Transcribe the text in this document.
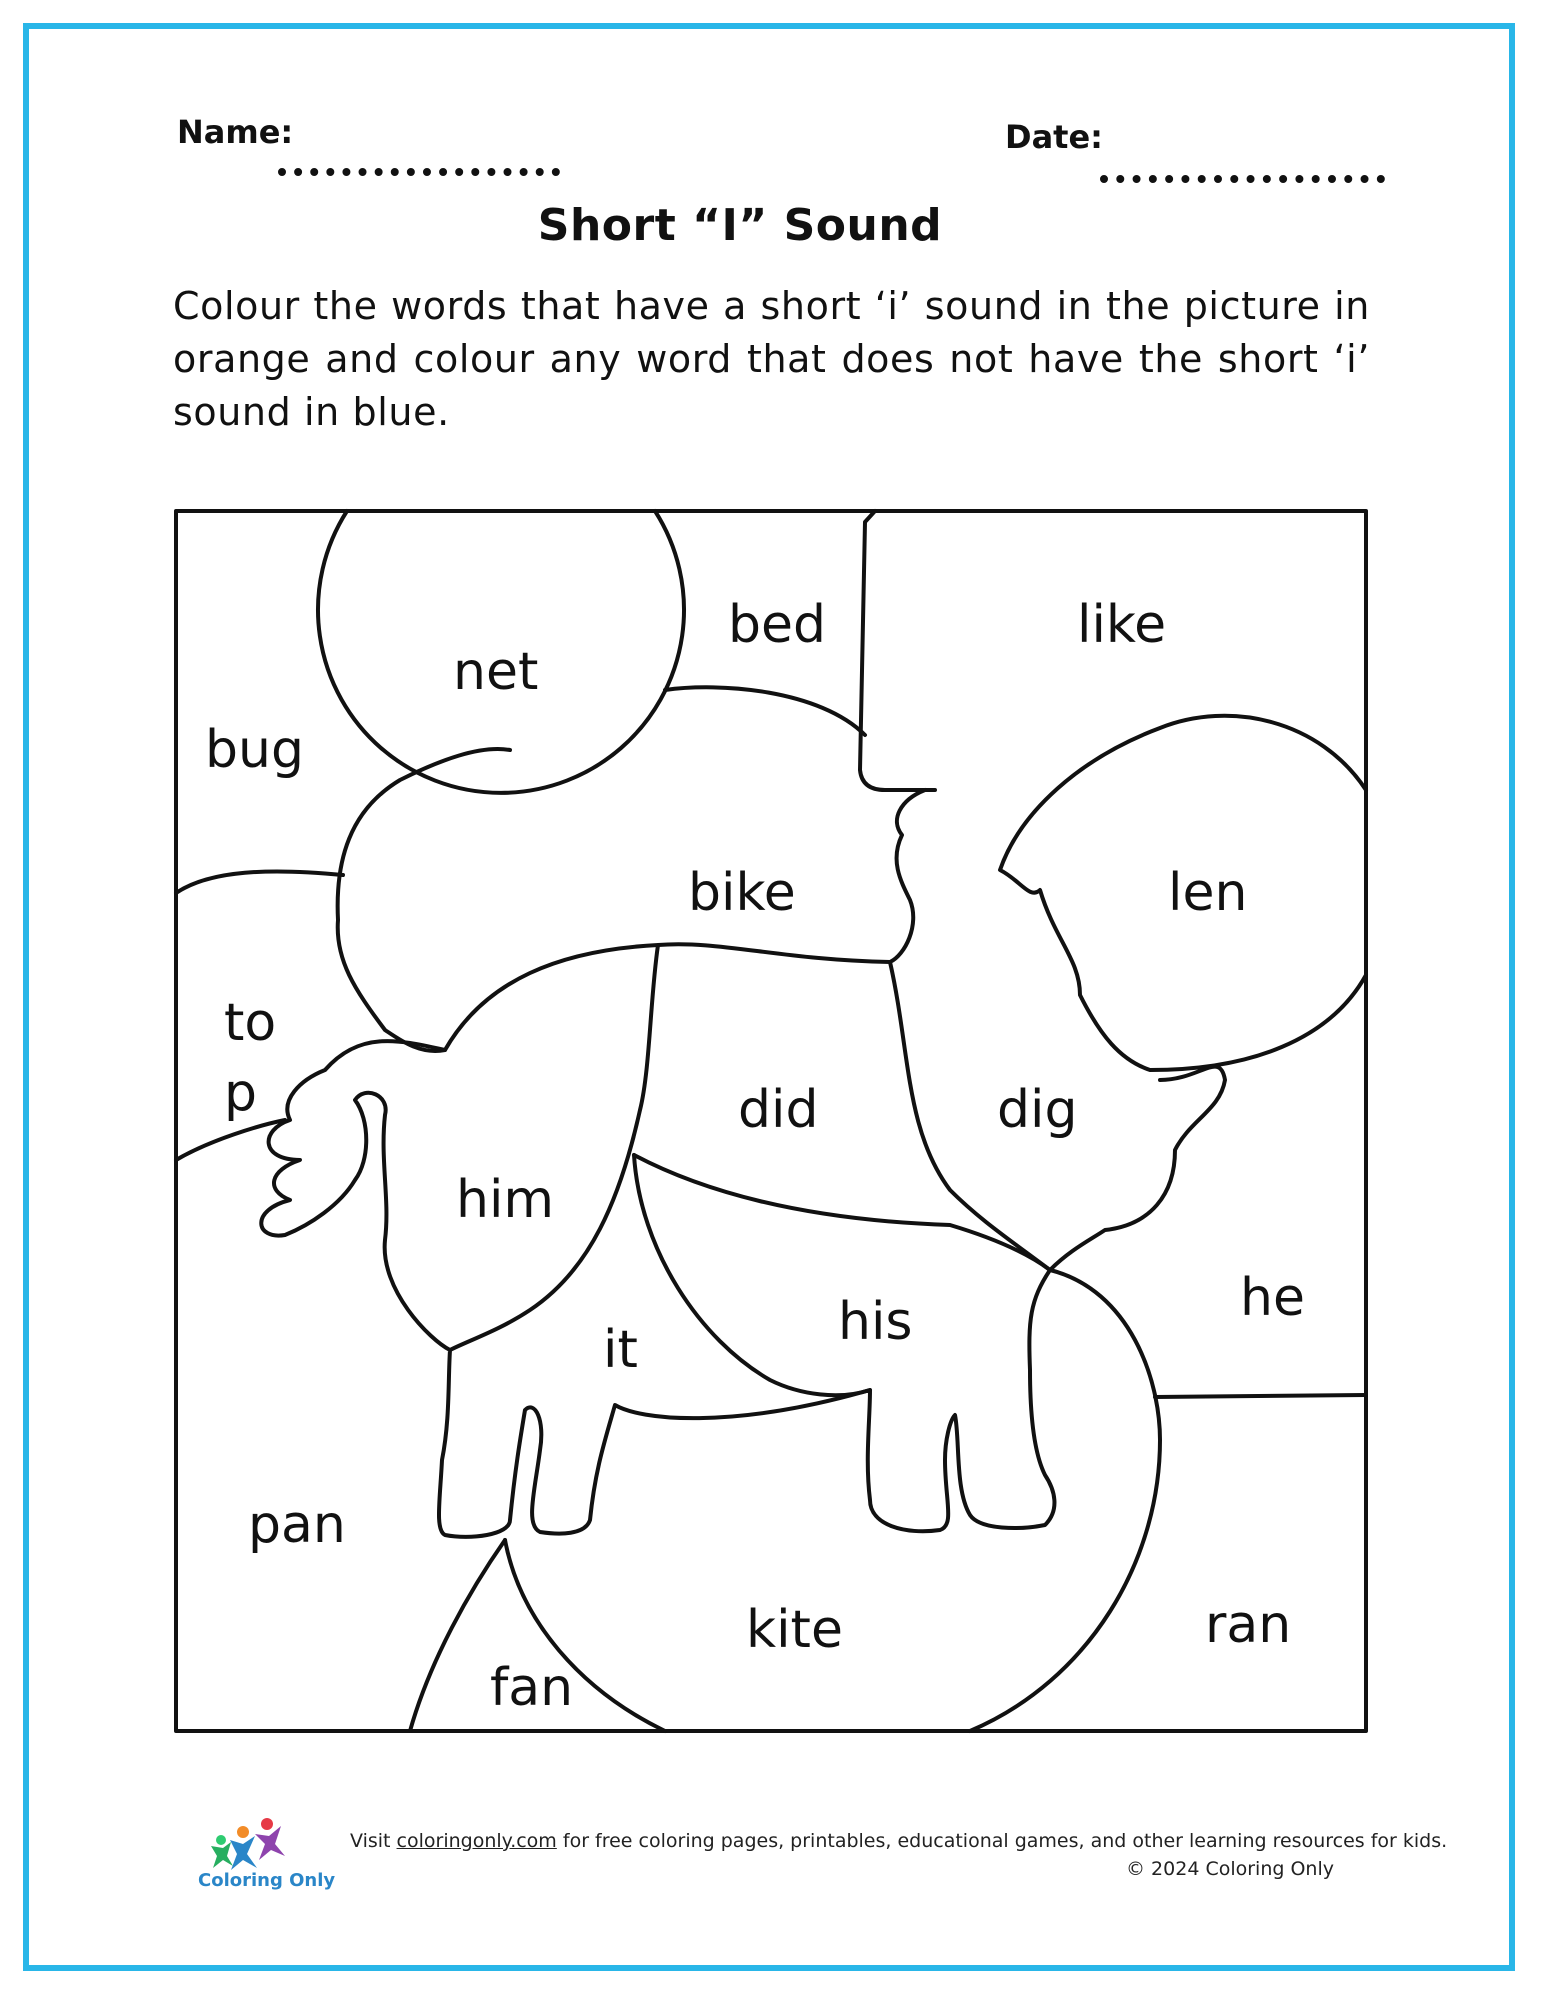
Name:	Date:
Short “I” Sound
Colour the words that have a short ‘i’ sound in the picture in orange and colour any word that does not have the short ‘i’ sound in blue.
net
bed	like
bug
bike	len
to
p	did	dig
him
his	he
it
pan
kite	ran
fan
Coloring Only
Visit coloringonly.com for free coloring pages, printables, educational games, and other learning resources for kids.
© 2024 Coloring Only
